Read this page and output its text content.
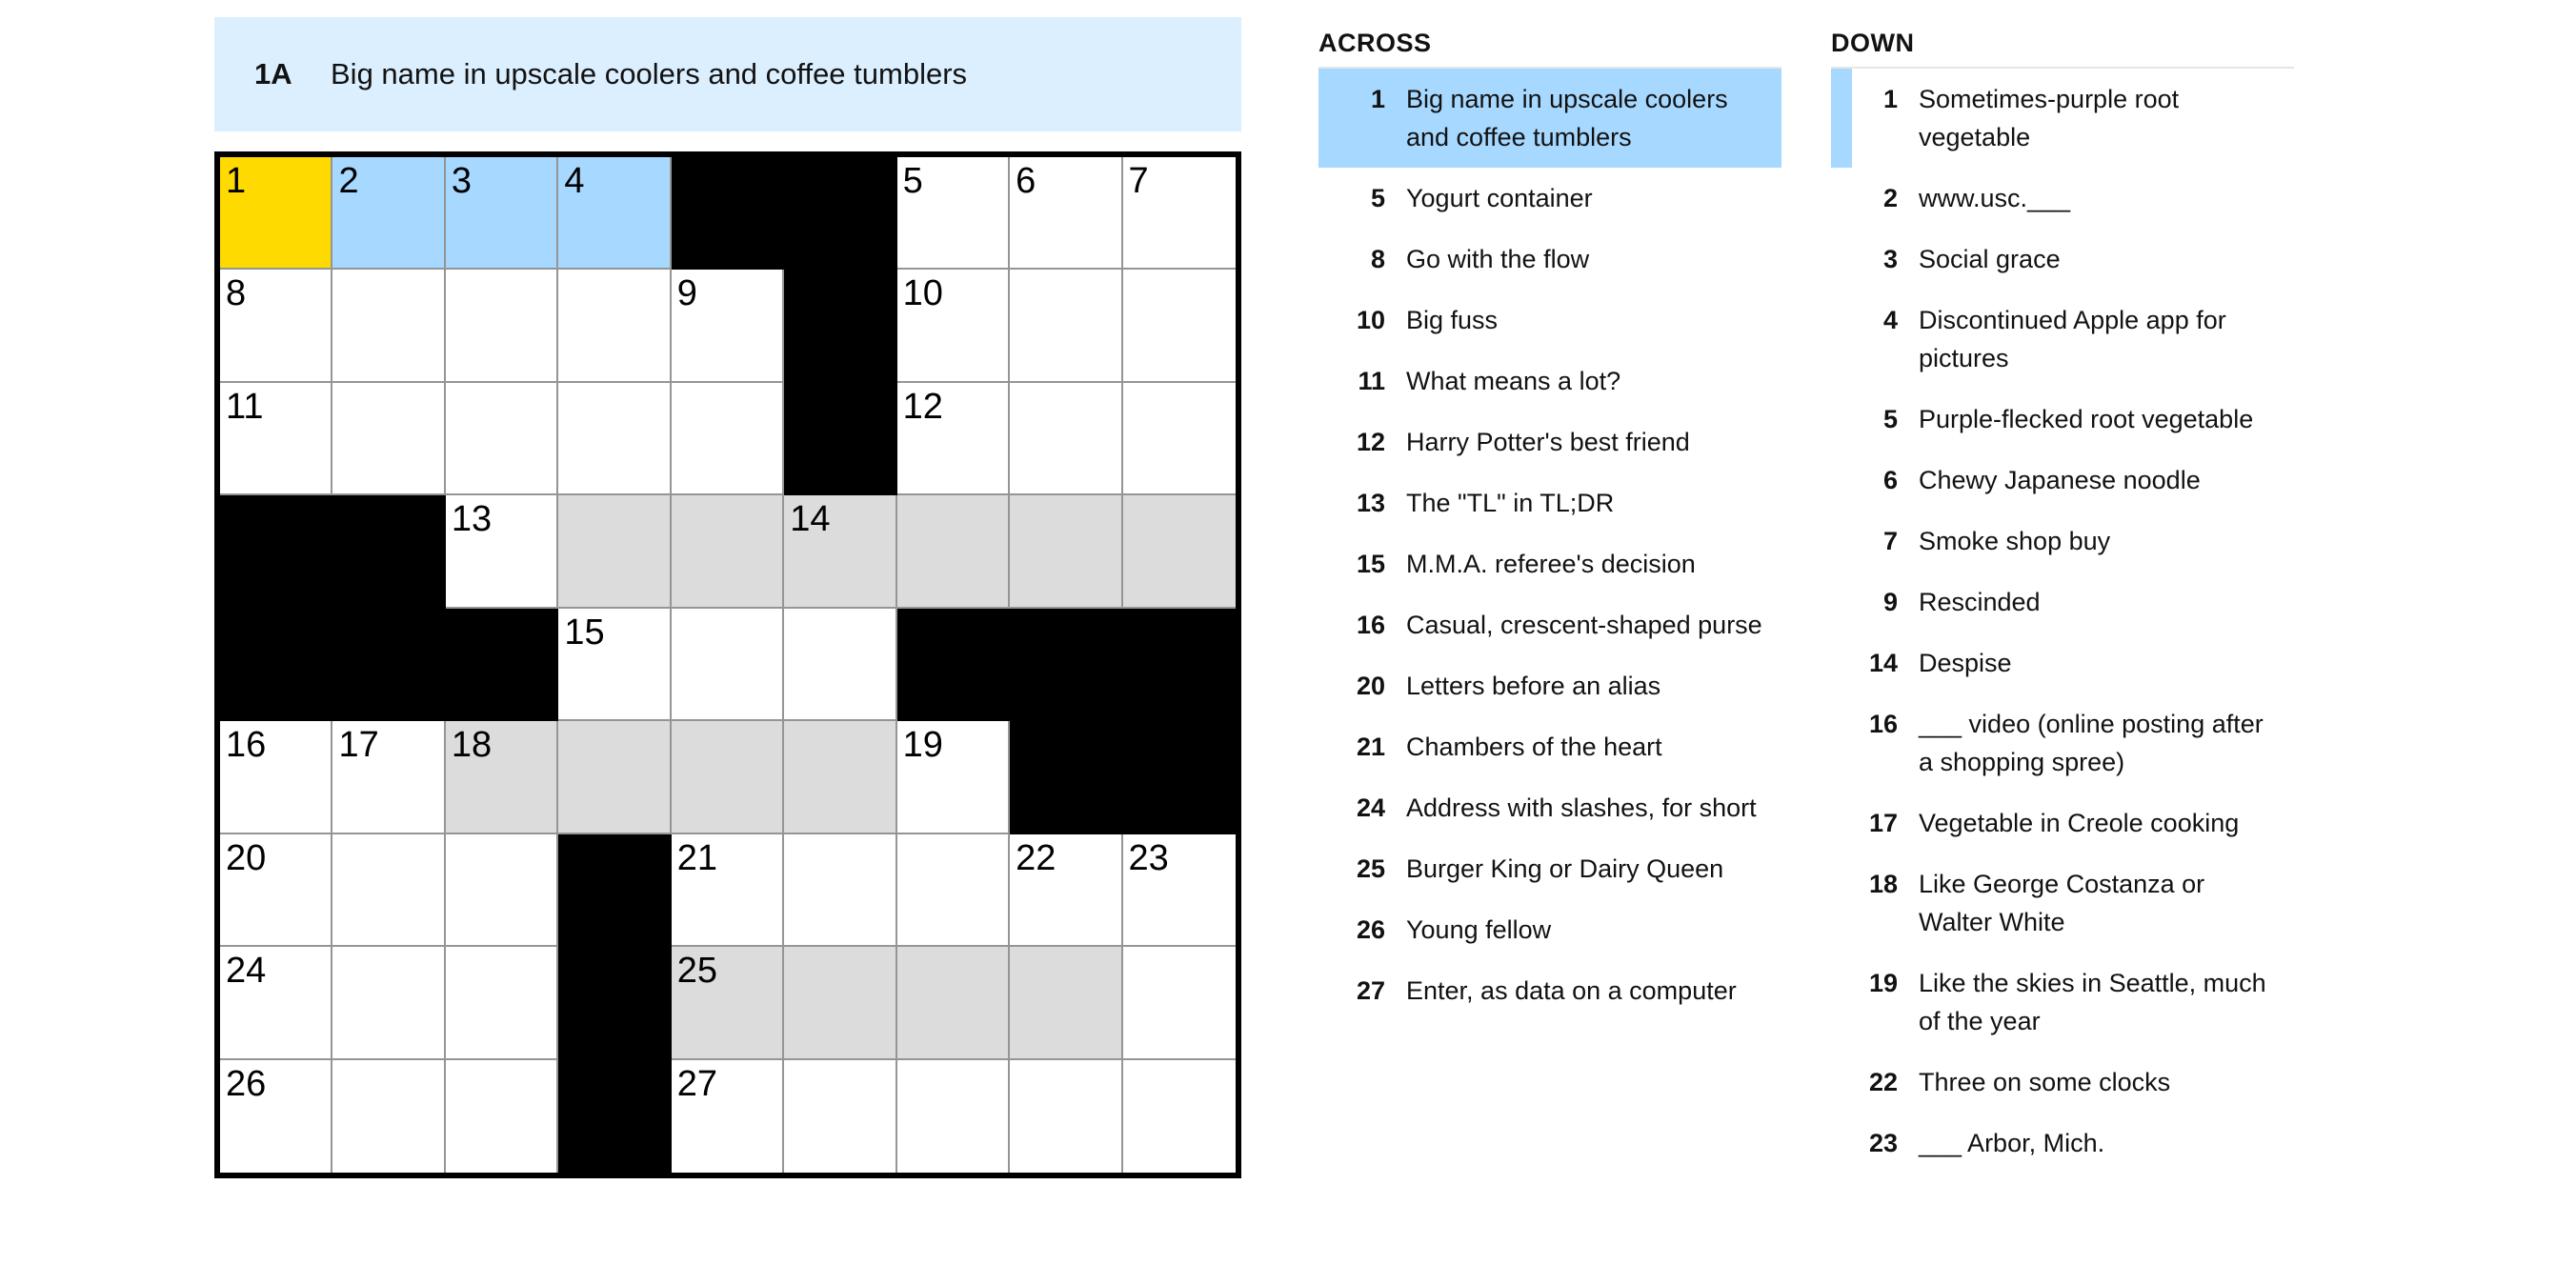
1A	Big name in upscale coolers and coffee tumblers
1	2	3	4	5	6	7
8	9	10
11	12
13	14
15
16 17 18	19
20	21	22 23
24	25
26	27
ACROSS
1 Big name in upscale coolers and coffee tumblers
5 Yogurt container
8 Go with the flow
10 Big fuss
11 What means a lot?
12 Harry Potter's best friend
13 The "TL" in TL;DR
15 M.M.A. referee's decision
16 Casual, crescent-shaped purse
20 Letters before an alias
21 Chambers of the heart
24 Address with slashes, for short
25 Burger King or Dairy Queen
26 Young fellow
27 Enter, as data on a computer
DOWN
1 Sometimes-purple root vegetable
2 www.usc.___
3 Social grace
4 Discontinued Apple app for pictures
5 Purple-flecked root vegetable
6 Chewy Japanese noodle
7 Smoke shop buy
9 Rescinded
14 Despise
16 ___ video (online posting after a shopping spree)
17 Vegetable in Creole cooking
18 Like George Costanza or Walter White
19 Like the skies in Seattle, much of the year
22 Three on some clocks
23 ___ Arbor, Mich.
